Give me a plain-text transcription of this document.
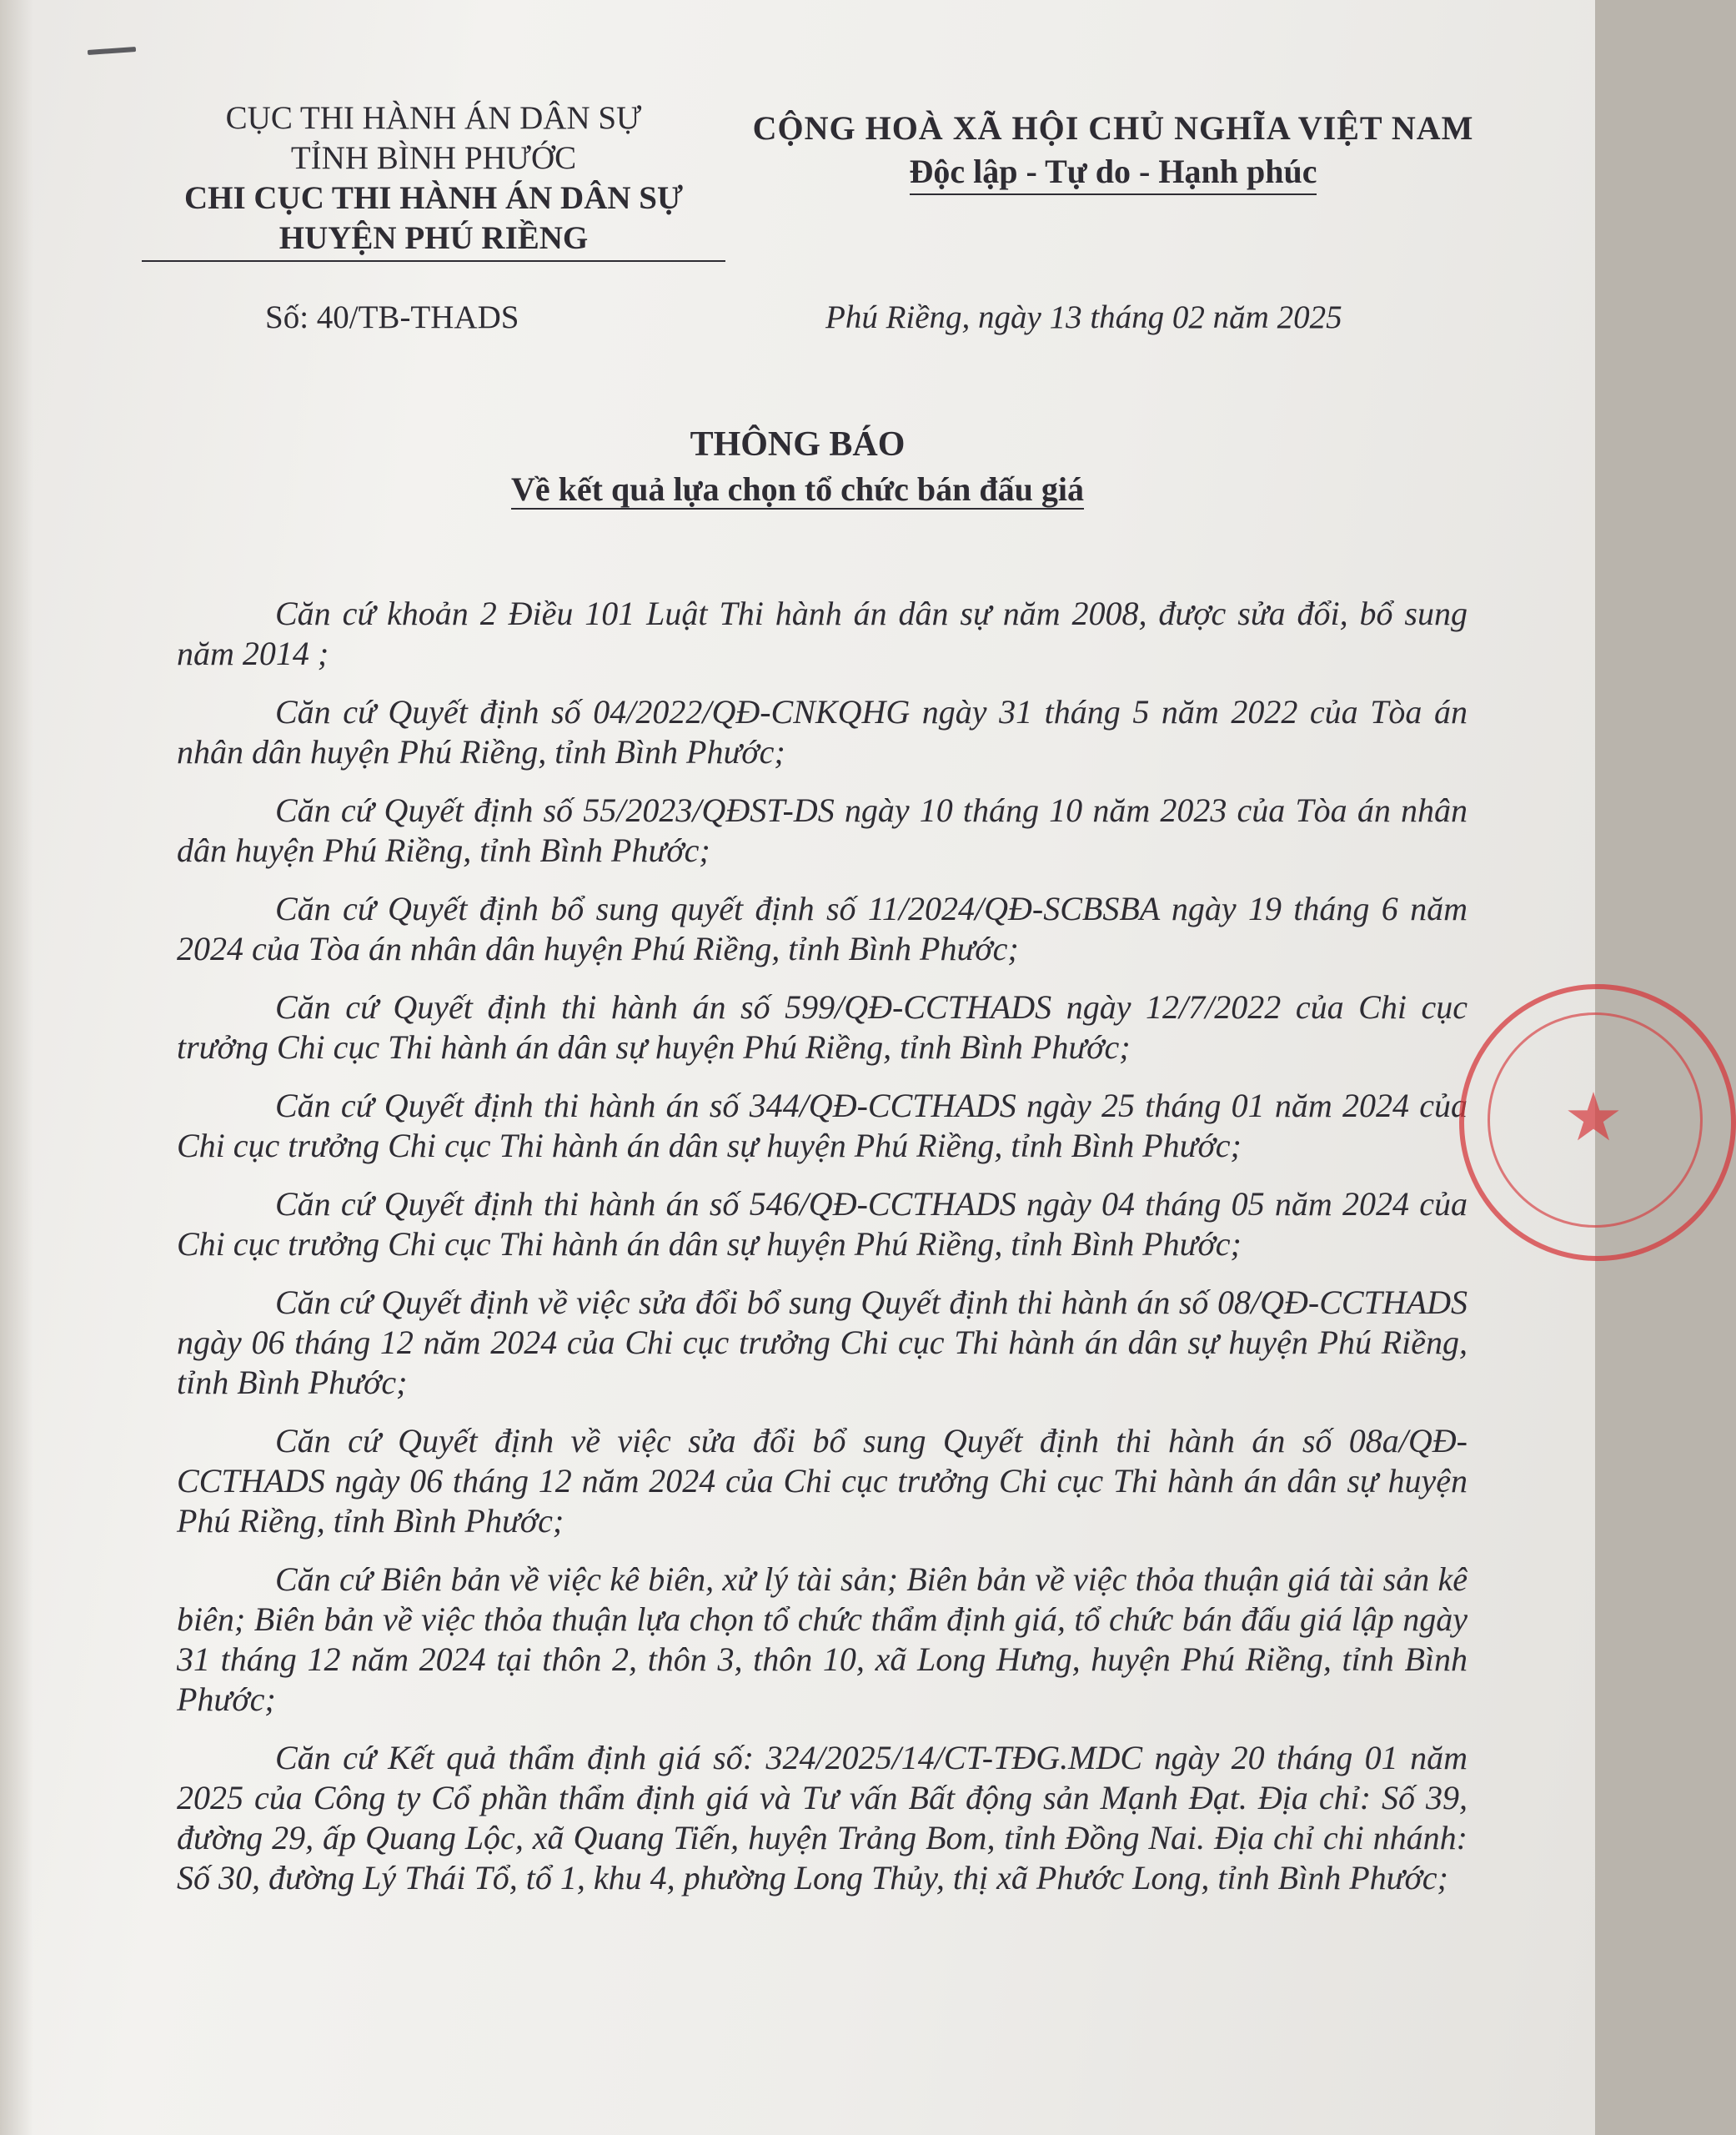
CỤC THI HÀNH ÁN DÂN SỰ
TỈNH BÌNH PHƯỚC
CHI CỤC THI HÀNH ÁN DÂN SỰ
HUYỆN PHÚ RIỀNG
CỘNG HOÀ XÃ HỘI CHỦ NGHĨA VIỆT NAM
Độc lập - Tự do - Hạnh phúc
Số: 40/TB-THADS	Phú Riềng, ngày 13 tháng 02 năm 2025
THÔNG BÁO
Về kết quả lựa chọn tổ chức bán đấu giá

Căn cứ khoản 2 Điều 101 Luật Thi hành án dân sự năm 2008, được sửa đổi, bổ sung năm 2014 ;

Căn cứ Quyết định số 04/2022/QĐ-CNKQHG ngày 31 tháng 5 năm 2022 của Tòa án nhân dân huyện Phú Riềng, tỉnh Bình Phước;

Căn cứ Quyết định số 55/2023/QĐST-DS ngày 10 tháng 10 năm 2023 của Tòa án nhân dân huyện Phú Riềng, tỉnh Bình Phước;

Căn cứ Quyết định bổ sung quyết định số 11/2024/QĐ-SCBSBA ngày 19 tháng 6 năm 2024 của Tòa án nhân dân huyện Phú Riềng, tỉnh Bình Phước;

Căn cứ Quyết định thi hành án số 599/QĐ-CCTHADS ngày 12/7/2022 của Chi cục trưởng Chi cục Thi hành án dân sự huyện Phú Riềng, tỉnh Bình Phước;

Căn cứ Quyết định thi hành án số 344/QĐ-CCTHADS ngày 25 tháng 01 năm 2024 của Chi cục trưởng Chi cục Thi hành án dân sự huyện Phú Riềng, tỉnh Bình Phước;

Căn cứ Quyết định thi hành án số 546/QĐ-CCTHADS ngày 04 tháng 05 năm 2024 của Chi cục trưởng Chi cục Thi hành án dân sự huyện Phú Riềng, tỉnh Bình Phước;

Căn cứ Quyết định về việc sửa đổi bổ sung Quyết định thi hành án số 08/QĐ-CCTHADS ngày 06 tháng 12 năm 2024 của Chi cục trưởng Chi cục Thi hành án dân sự huyện Phú Riềng, tỉnh Bình Phước;

Căn cứ Quyết định về việc sửa đổi bổ sung Quyết định thi hành án số 08a/QĐ-CCTHADS ngày 06 tháng 12 năm 2024 của Chi cục trưởng Chi cục Thi hành án dân sự huyện Phú Riềng, tỉnh Bình Phước;

Căn cứ Biên bản về việc kê biên, xử lý tài sản; Biên bản về việc thỏa thuận giá tài sản kê biên; Biên bản về việc thỏa thuận lựa chọn tổ chức thẩm định giá, tổ chức bán đấu giá lập ngày 31 tháng 12 năm 2024 tại thôn 2, thôn 3, thôn 10, xã Long Hưng, huyện Phú Riềng, tỉnh Bình Phước;

Căn cứ Kết quả thẩm định giá số: 324/2025/14/CT-TĐG.MDC ngày 20 tháng 01 năm 2025 của Công ty Cổ phần thẩm định giá và Tư vấn Bất động sản Mạnh Đạt. Địa chỉ: Số 39, đường 29, ấp Quang Lộc, xã Quang Tiến, huyện Trảng Bom, tỉnh Đồng Nai. Địa chỉ chi nhánh: Số 30, đường Lý Thái Tổ, tổ 1, khu 4, phường Long Thủy, thị xã Phước Long, tỉnh Bình Phước;

★
